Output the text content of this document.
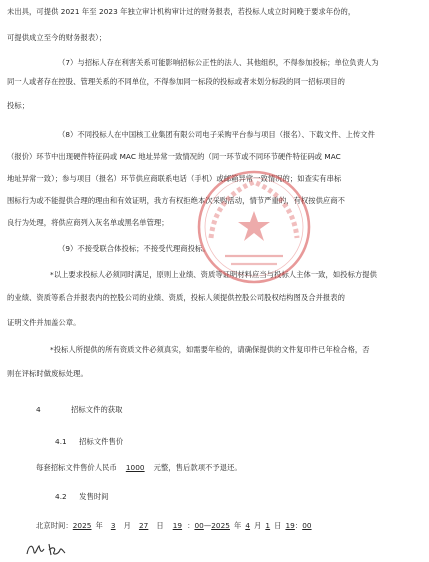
未出具，可提供 2021 年至 2023 年独立审计机构审计过的财务报表，若投标人成立时间晚于要求年份的，
可提供成立至今的财务报表）；
（7）与招标人存在利害关系可能影响招标公正性的法人、其他组织，不得参加投标；单位负责人为
同一人或者存在控股、管理关系的不同单位，不得参加同一标段的投标或者未划分标段的同一招标项目的
投标；
（8）不同投标人在中国核工业集团有限公司电子采购平台参与项目（报名）、下载文件、上传文件
（报价）环节中出现硬件特征码或 MAC 地址异常一致情况的（同一环节或不同环节硬件特征码或 MAC
地址异常一致）；参与项目（报名）环节供应商联系电话（手机）或邮箱异常一致情况的；如查实有串标
围标行为或不能提供合理的理由和有效证明，我方有权拒绝本次采购活动，情节严重的，有权按供应商不
良行为处理，将供应商列入灰名单或黑名单管理；
（9）不接受联合体投标；不接受代理商投标。
*以上要求投标人必须同时满足，原则上业绩、资质等证明材料应当与投标人主体一致，如投标方提供
的业绩、资质等系合并报表内的控股公司的业绩、资质，投标人须提供控股公司股权结构图及合并报表的
证明文件并加盖公章。
*投标人所提供的所有资质文件必须真实，如需要年检的，请确保提供的文件复印件已年检合格，否
则在评标时做废标处理。
4	招标文件的获取
4.1 招标文件售价
每套招标文件售价人民币 1000 元整，售后款项不予退还。
4.2 发售时间
北京时间：2025 年 3 月 27 日 19 ：00—2025 年 4 月 1 日 19：00
